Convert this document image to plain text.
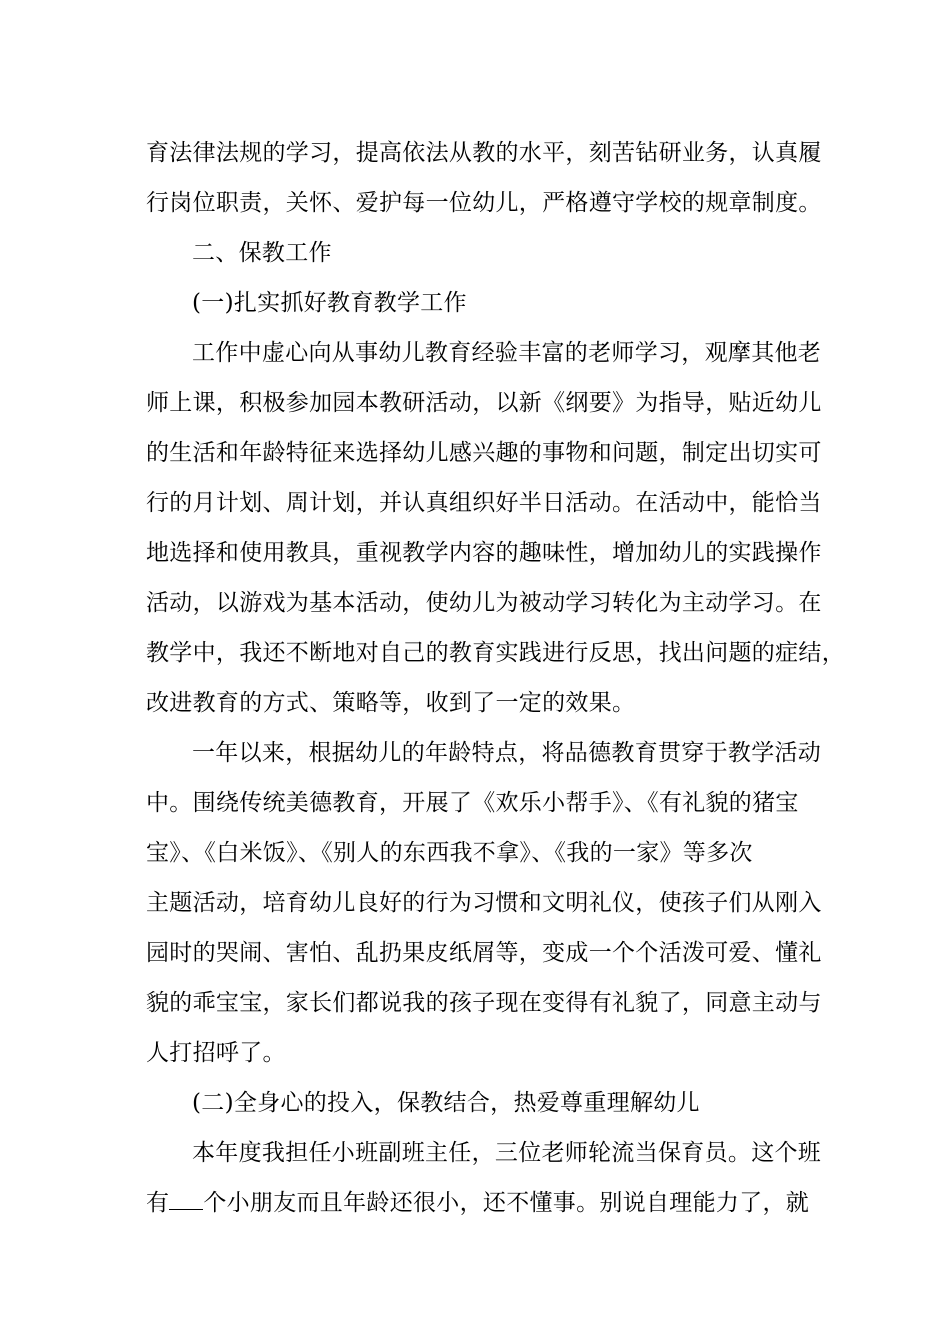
育法律法规的学习，提高依法从教的水平，刻苦钻研业务，认真履
行岗位职责，关怀、爱护每一位幼儿，严格遵守学校的规章制度。
二、保教工作
(一)扎实抓好教育教学工作
工作中虚心向从事幼儿教育经验丰富的老师学习，观摩其他老
师上课，积极参加园本教研活动，以新《纲要》为指导，贴近幼儿
的生活和年龄特征来选择幼儿感兴趣的事物和问题，制定出切实可
行的月计划、周计划，并认真组织好半日活动。在活动中，能恰当
地选择和使用教具，重视教学内容的趣味性，增加幼儿的实践操作
活动，以游戏为基本活动，使幼儿为被动学习转化为主动学习。在
教学中，我还不断地对自己的教育实践进行反思，找出问题的症结，
改进教育的方式、策略等，收到了一定的效果。
一年以来，根据幼儿的年龄特点，将品德教育贯穿于教学活动
中。围绕传统美德教育，开展了《欢乐小帮手》、《有礼貌的猪宝
宝》、《白米饭》、《别人的东西我不拿》、《我的一家》等多次
主题活动，培育幼儿良好的行为习惯和文明礼仪，使孩子们从刚入
园时的哭闹、害怕、乱扔果皮纸屑等，变成一个个活泼可爱、懂礼
貌的乖宝宝，家长们都说我的孩子现在变得有礼貌了，同意主动与
人打招呼了。
(二)全身心的投入，保教结合，热爱尊重理解幼儿
本年度我担任小班副班主任，三位老师轮流当保育员。这个班
有 个小朋友而且年龄还很小，还不懂事。别说自理能力了，就
